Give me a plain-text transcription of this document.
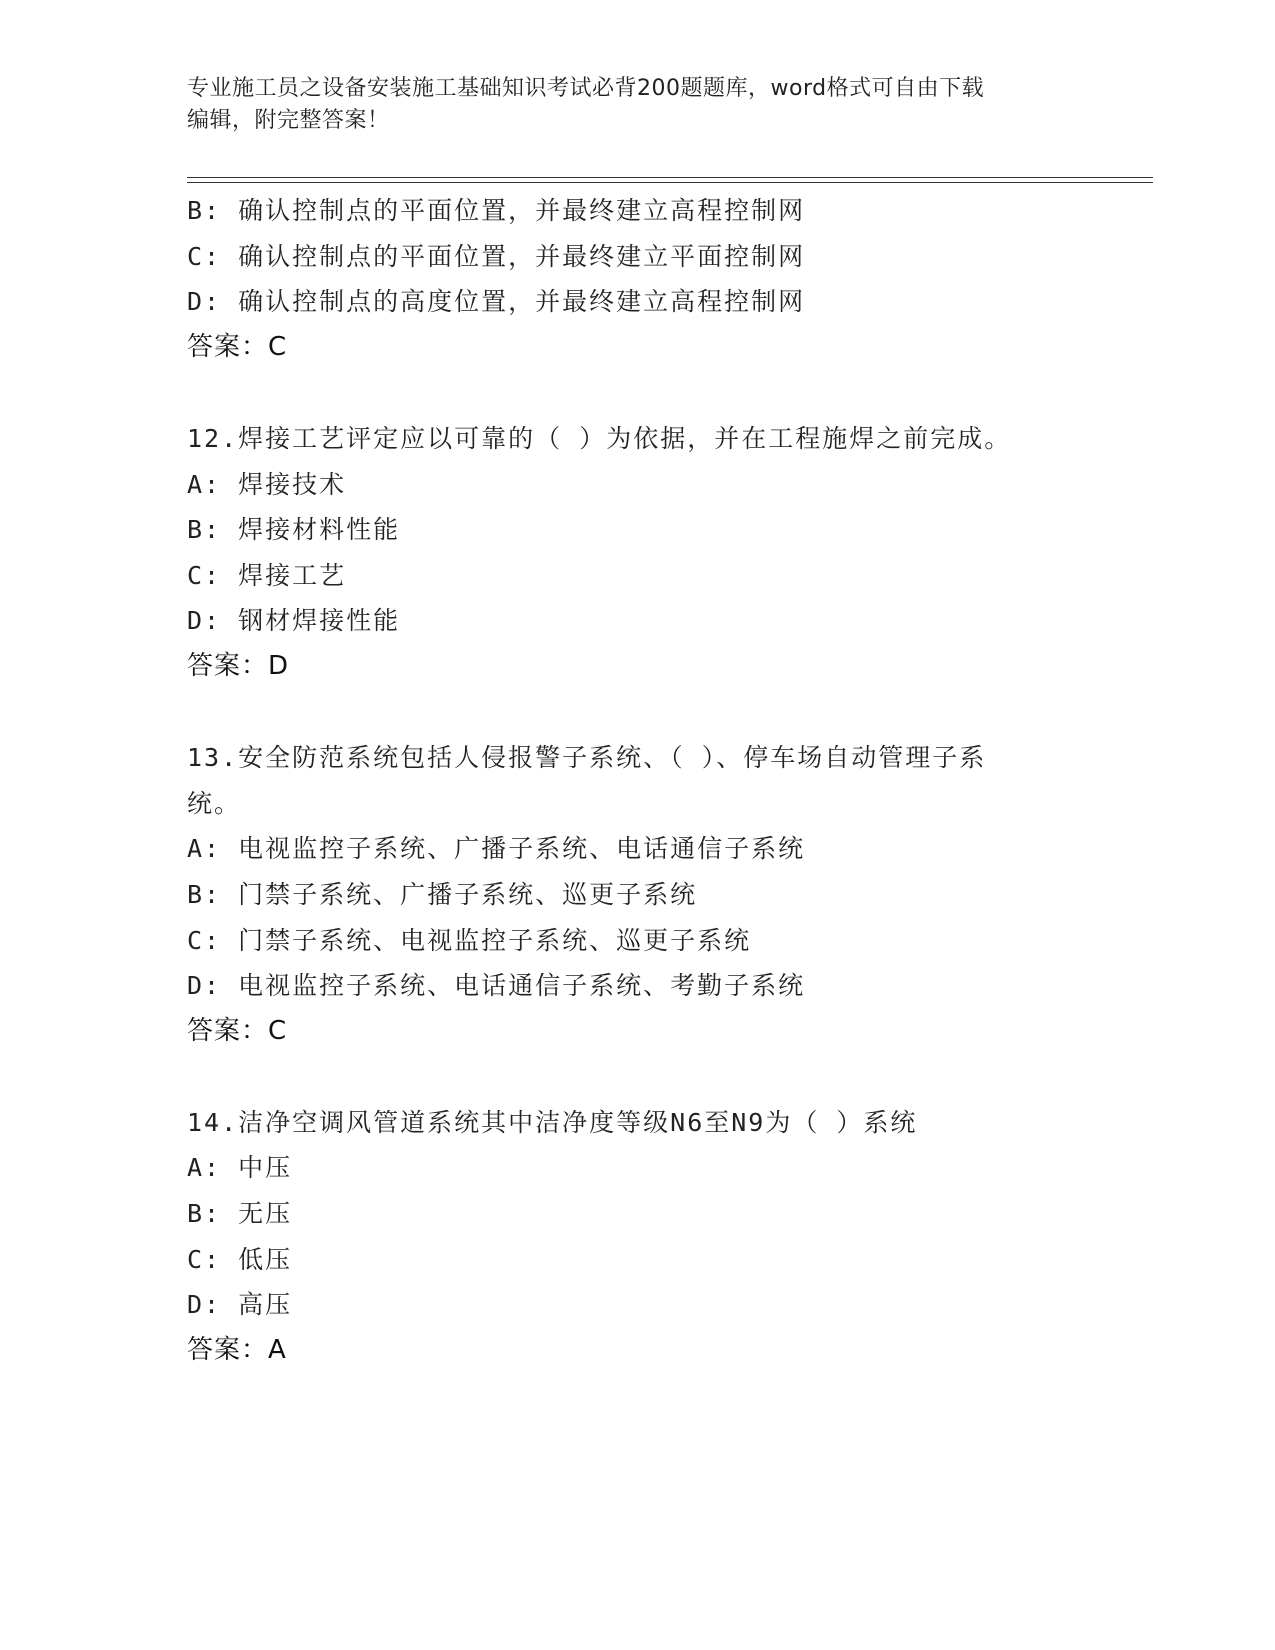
专业施工员之设备安装施工基础知识考试必背200题题库，word格式可自由下载
编辑，附完整答案！
B: 确认控制点的平面位置，并最终建立高程控制网
C: 确认控制点的平面位置，并最终建立平面控制网
D: 确认控制点的高度位置，并最终建立高程控制网
答案：C
12.焊接工艺评定应以可靠的（ ）为依据，并在工程施焊之前完成。
A: 焊接技术
B: 焊接材料性能
C: 焊接工艺
D: 钢材焊接性能
答案：D
13.安全防范系统包括人侵报警子系统、（ ）、停车场自动管理子系
统。
A: 电视监控子系统、广播子系统、电话通信子系统
B: 门禁子系统、广播子系统、巡更子系统
C: 门禁子系统、电视监控子系统、巡更子系统
D: 电视监控子系统、电话通信子系统、考勤子系统
答案：C
14.洁净空调风管道系统其中洁净度等级N6至N9为（ ）系统
A: 中压
B: 无压
C: 低压
D: 高压
答案：A
